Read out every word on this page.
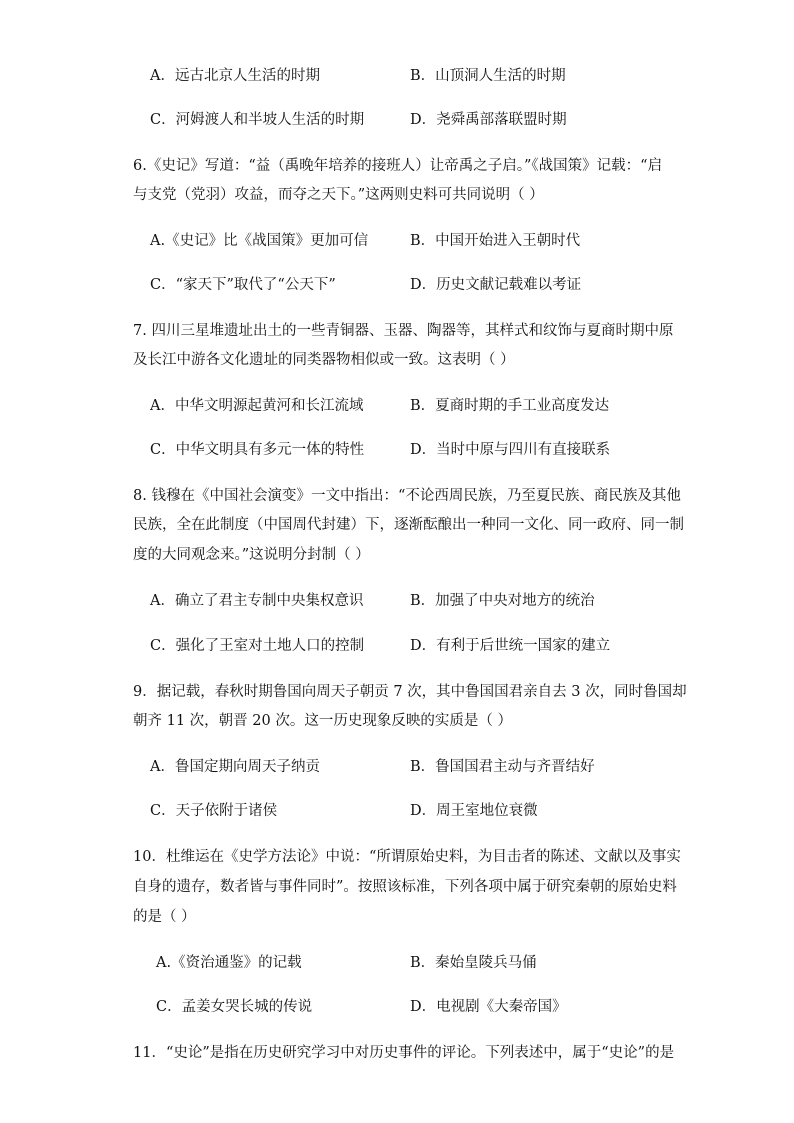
A．远古北京人生活的时期	B．山顶洞人生活的时期
C．河姆渡人和半坡人生活的时期	D．尧舜禹部落联盟时期
6.《史记》写道：“益（禹晚年培养的接班人）让帝禹之子启。”《战国策》记载：“启
与支党（党羽）攻益，而夺之天下。”这两则史料可共同说明（ ）
A.《史记》比《战国策》更加可信	B．中国开始进入王朝时代
C．“家天下”取代了“公天下”	D．历史文献记载难以考证
7. 四川三星堆遗址出土的一些青铜器、玉器、陶器等，其样式和纹饰与夏商时期中原
及长江中游各文化遗址的同类器物相似或一致。这表明（ ）
A．中华文明源起黄河和长江流域	B．夏商时期的手工业高度发达
C．中华文明具有多元一体的特性	D．当时中原与四川有直接联系
8. 钱穆在《中国社会演变》一文中指出：“不论西周民族，乃至夏民族、商民族及其他
民族，全在此制度（中国周代封建）下，逐渐酝酿出一种同一文化、同一政府、同一制
度的大同观念来。”这说明分封制（ ）
A．确立了君主专制中央集权意识	B．加强了中央对地方的统治
C．强化了王室对土地人口的控制	D．有利于后世统一国家的建立
9．据记载，春秋时期鲁国向周天子朝贡 7 次，其中鲁国国君亲自去 3 次，同时鲁国却
朝齐 11 次，朝晋 20 次。这一历史现象反映的实质是（ ）
A．鲁国定期向周天子纳贡	B．鲁国国君主动与齐晋结好
C．天子依附于诸侯	D．周王室地位衰微
10．杜维运在《史学方法论》中说：“所谓原始史料，为目击者的陈述、文献以及事实
自身的遗存，数者皆与事件同时”。按照该标准，下列各项中属于研究秦朝的原始史料
的是（ ）
A.《资治通鉴》的记载	B．秦始皇陵兵马俑
C．孟姜女哭长城的传说	D．电视剧《大秦帝国》
11．“史论”是指在历史研究学习中对历史事件的评论。下列表述中，属于“史论”的是
